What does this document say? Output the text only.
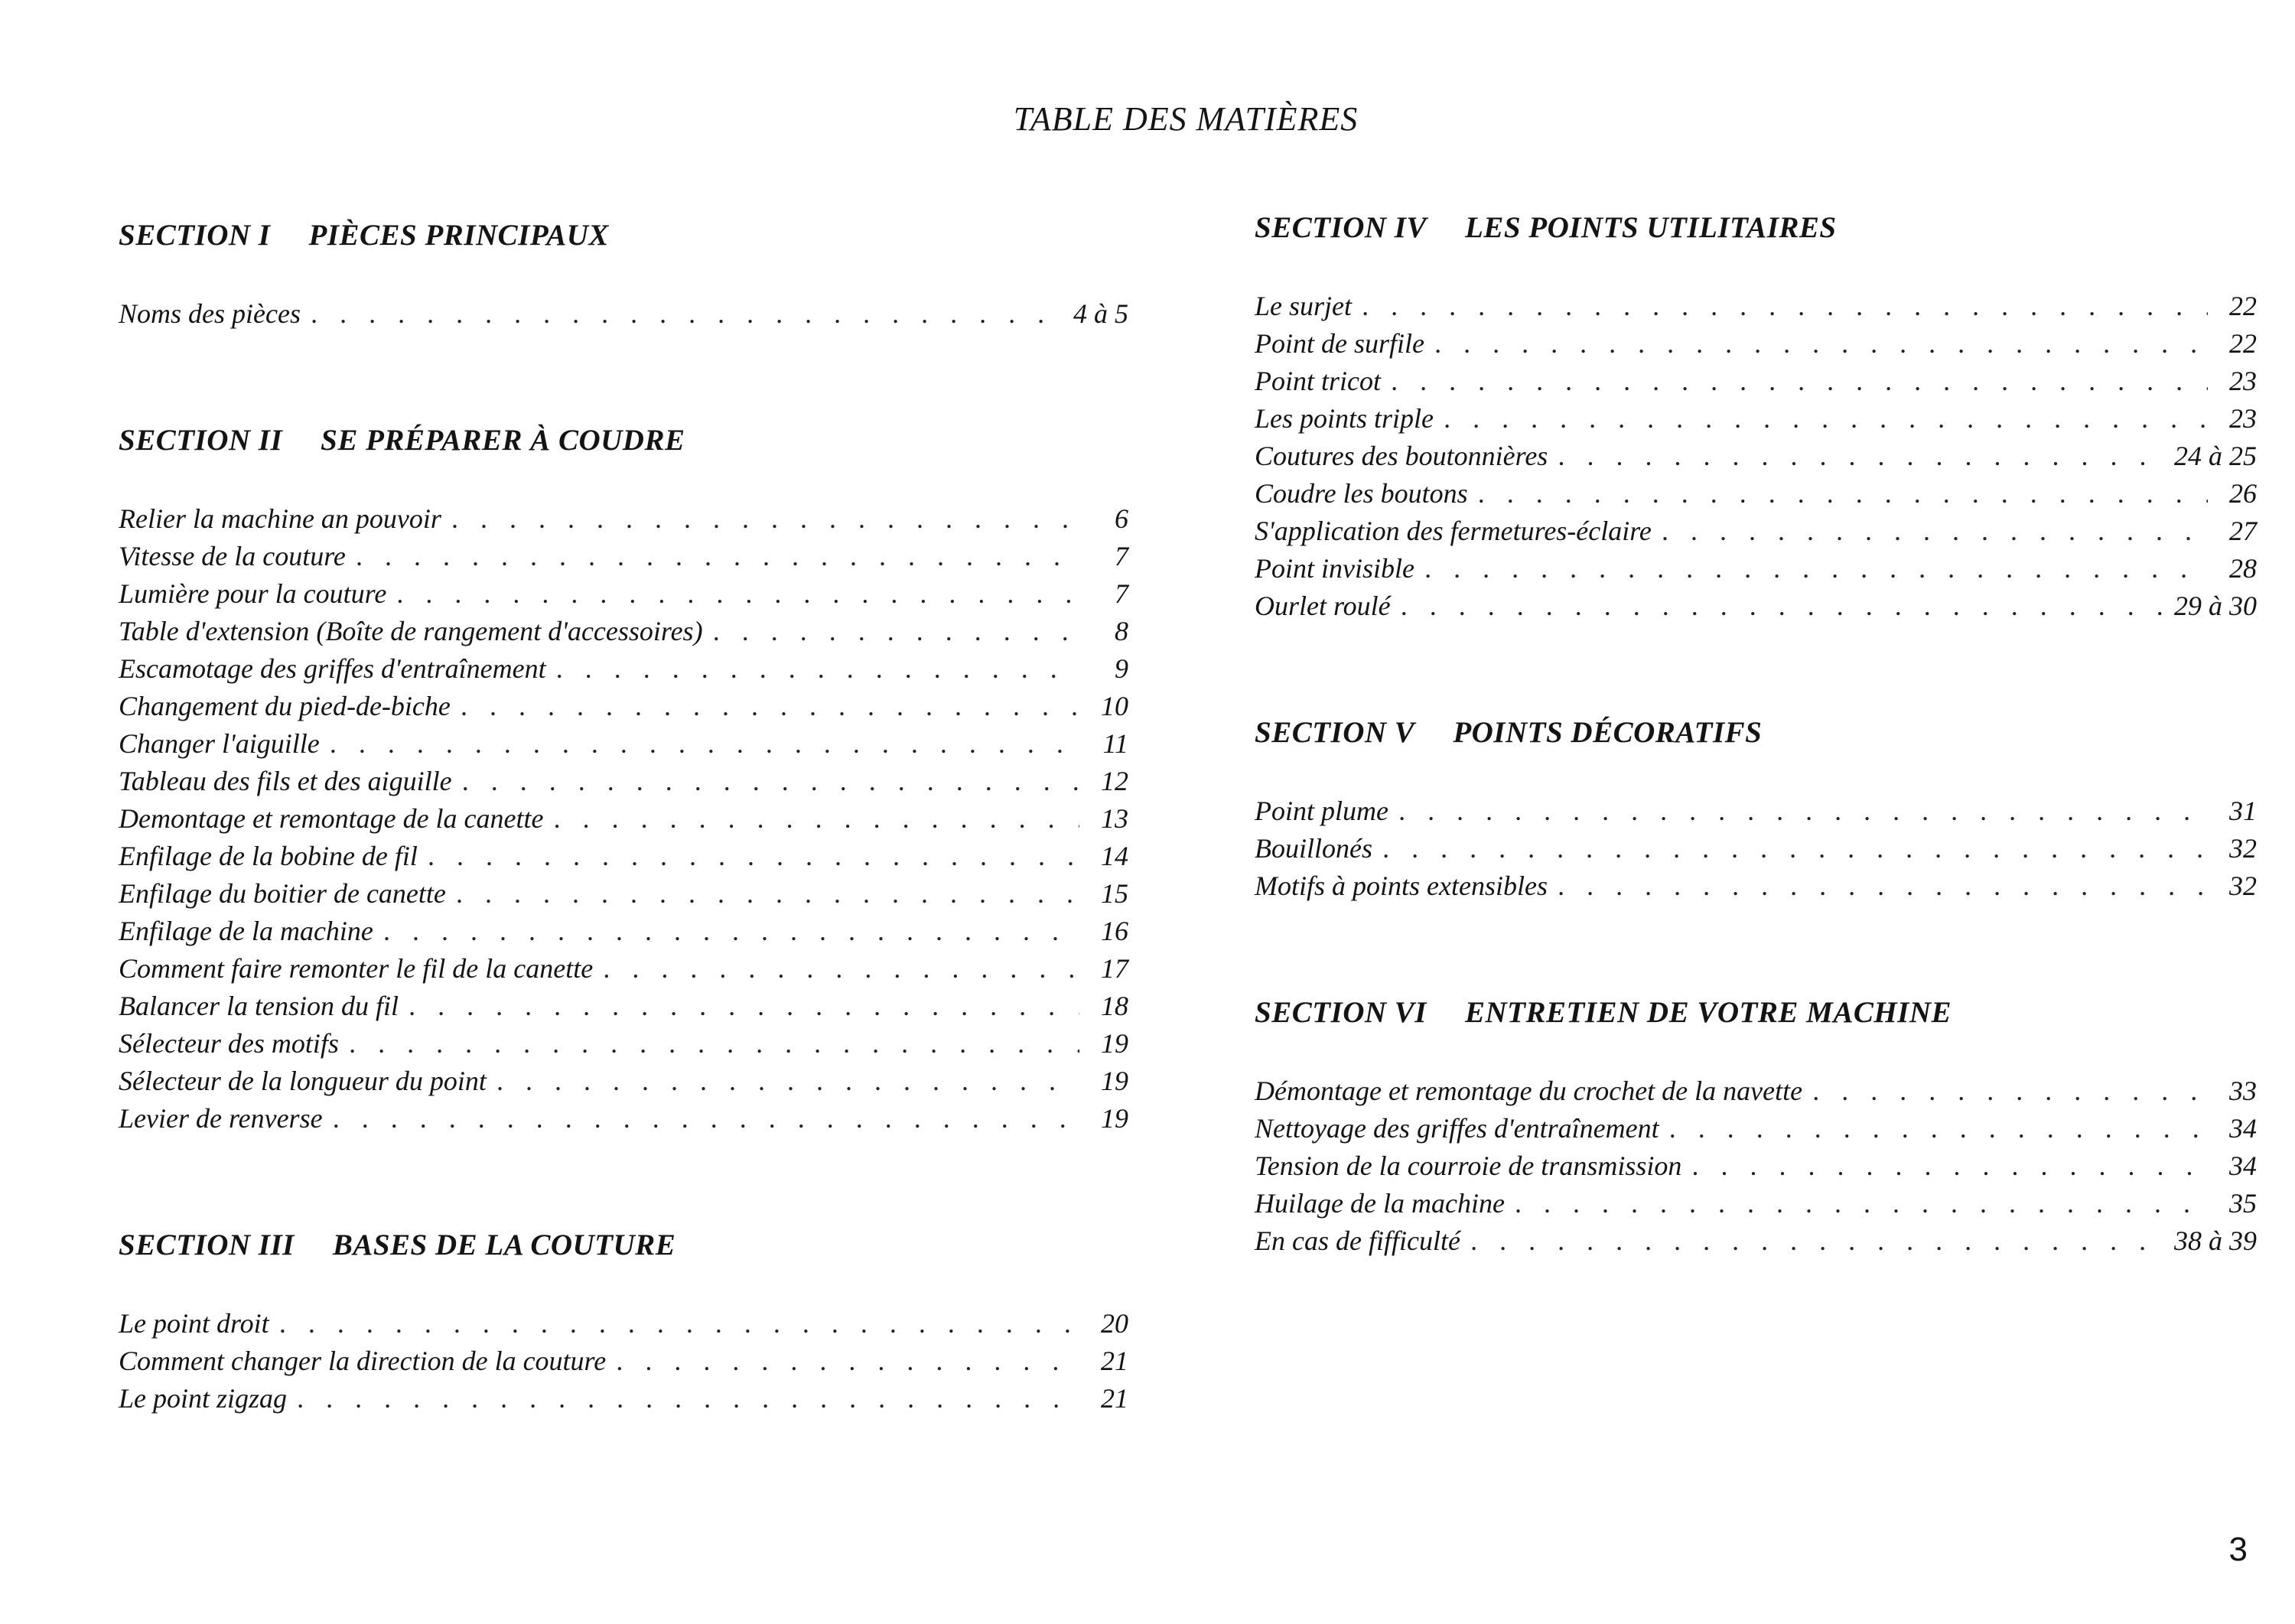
TABLE DES MATIÈRES
SECTION I PIÈCES PRINCIPAUX
Noms des pièces . . .	4 à 5
SECTION II SE PRÉPARER À COUDRE
Relier la machine an pouvoir . . .	6
Vitesse de la couture . . .	7
Lumière pour la couture . . .	7
Table d'extension (Boîte de rangement d'accessoires) . . .	8
Escamotage des griffes d'entraînement . . .	9
Changement du pied-de-biche . . .	10
Changer l'aiguille . . .	11
Tableau des fils et des aiguille . . .	12
Demontage et remontage de la canette . . .	13
Enfilage de la bobine de fil . . .	14
Enfilage du boitier de canette . . .	15
Enfilage de la machine . . .	16
Comment faire remonter le fil de la canette . . .	17
Balancer la tension du fil . . .	18
Sélecteur des motifs . . .	19
Sélecteur de la longueur du point . . .	19
Levier de renverse . . .	19
SECTION III BASES DE LA COUTURE
Le point droit . . .	20
Comment changer la direction de la couture . . .	21
Le point zigzag . . .	21
SECTION IV LES POINTS UTILITAIRES
Le surjet . . .	22
Point de surfile . . .	22
Point tricot . . .	23
Les points triple . . .	23
Coutures des boutonnières . . .	24 à 25
Coudre les boutons . . .	26
S'application des fermetures-éclaire . . .	27
Point invisible . . .	28
Ourlet roulé . . .	29 à 30
SECTION V POINTS DÉCORATIFS
Point plume . . .	31
Bouillonés . . .	32
Motifs à points extensibles . . .	32
SECTION VI ENTRETIEN DE VOTRE MACHINE
Démontage et remontage du crochet de la navette . . .	33
Nettoyage des griffes d'entraînement . . .	34
Tension de la courroie de transmission . . .	34
Huilage de la machine . . .	35
En cas de fifficulté . . .	38 à 39
3
